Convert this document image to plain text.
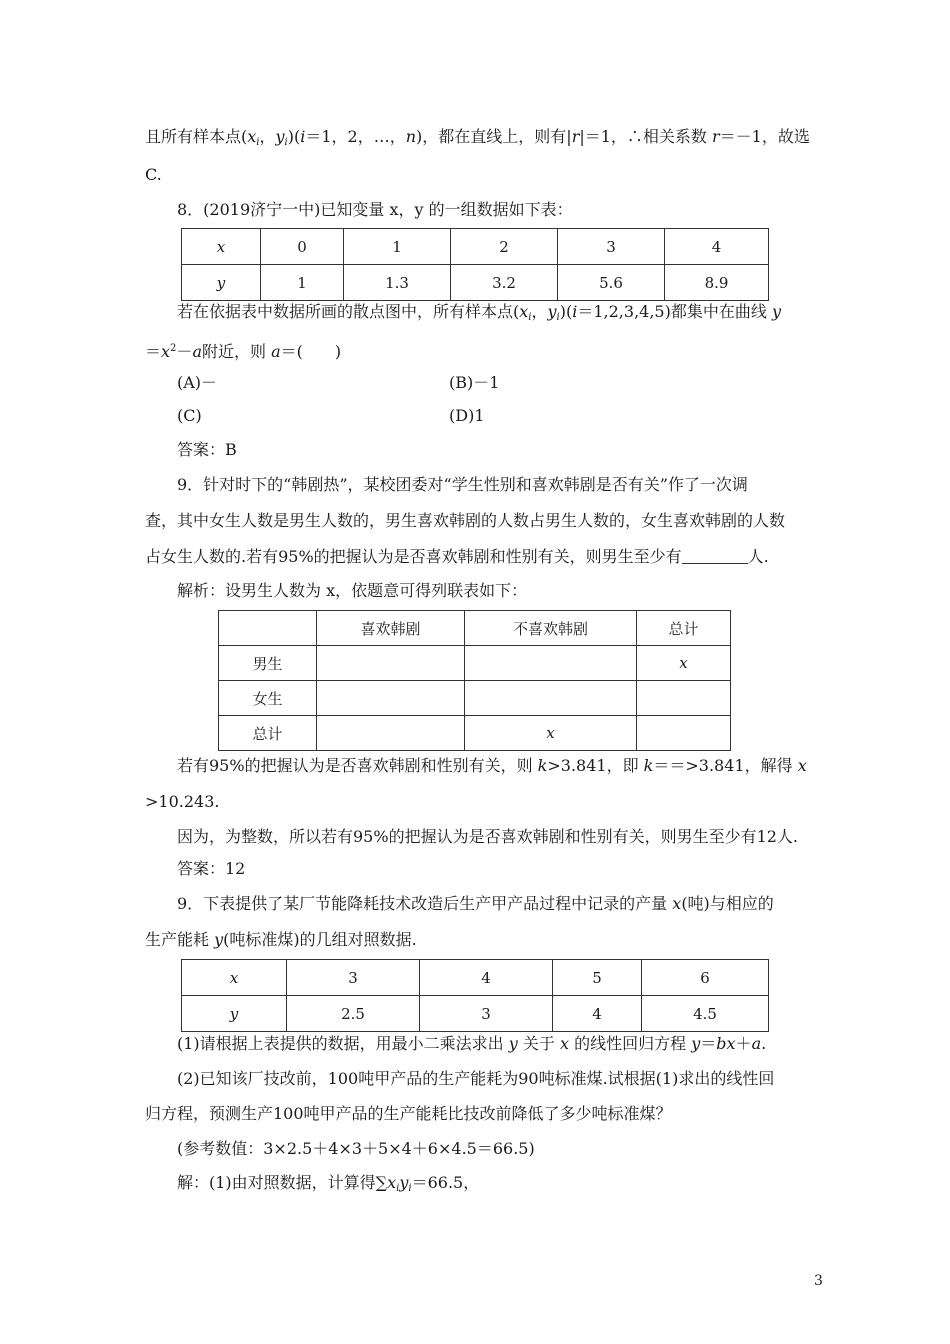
且所有样本点($x_i$，$y_i)(i=1$，2，…，n)，都在直线上，则有|r|＝1，∴相关系数 r＝－1，故选
C.
8．(2019济宁一中)已知变量 x，y 的一组数据如下表：
x	0	1	2	3	4
y	1	1.3	3.2	5.6	8.9
若在依据表中数据所画的散点图中，所有样本点($x_i$，$y_i)(i=1,2,3,4,5)$都集中在曲线 y
$=x^2-a$附近，则 a＝(　　)
(A)－	(B)－1
(C)	(D)1
答案：B
9．针对时下的“韩剧热”，某校团委对“学生性别和喜欢韩剧是否有关”作了一次调
查，其中女生人数是男生人数的，男生喜欢韩剧的人数占男生人数的，女生喜欢韩剧的人数
占女生人数的.若有95%的把握认为是否喜欢韩剧和性别有关，则男生至少有	人.
解析：设男生人数为 x，依题意可得列联表如下：
	喜欢韩剧	不喜欢韩剧	总计
男生			x
女生			
总计		x	
若有95%的把握认为是否喜欢韩剧和性别有关，则 k>3.841，即 k＝＝>3.841，解得 x
>10.243.
因为，为整数，所以若有95%的把握认为是否喜欢韩剧和性别有关，则男生至少有12人.
答案：12
9．下表提供了某厂节能降耗技术改造后生产甲产品过程中记录的产量 x(吨)与相应的
生产能耗 y(吨标准煤)的几组对照数据.
x	3	4	5	6
y	2.5	3	4	4.5
(1)请根据上表提供的数据，用最小二乘法求出 y 关于 x 的线性回归方程 y＝bx＋a.
(2)已知该厂技改前，100吨甲产品的生产能耗为90吨标准煤.试根据(1)求出的线性回
归方程，预测生产100吨甲产品的生产能耗比技改前降低了多少吨标准煤？
(参考数值：3×2.5＋4×3＋5×4＋6×4.5＝66.5)
解：(1)由对照数据，计算得$\sum x_iy_i=66.5$，
3
